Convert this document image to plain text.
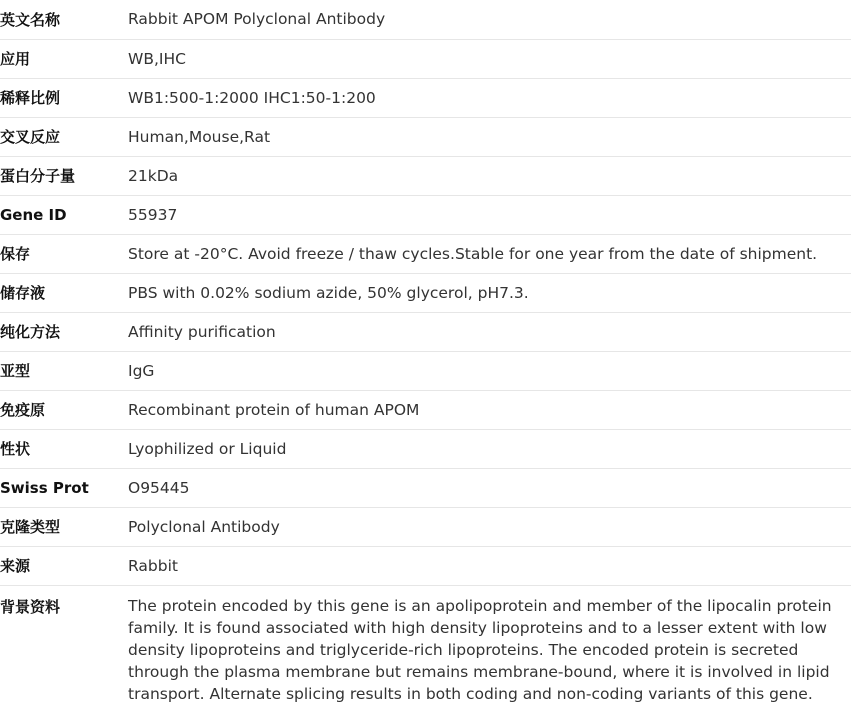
英文名称	Rabbit APOM Polyclonal Antibody
应用	WB,IHC
稀释比例	WB1:500-1:2000 IHC1:50-1:200
交叉反应	Human,Mouse,Rat
蛋白分子量	21kDa
Gene ID	55937
保存	Store at -20°C. Avoid freeze / thaw cycles.Stable for one year from the date of shipment.
储存液	PBS with 0.02% sodium azide, 50% glycerol, pH7.3.
纯化方法	Affinity purification
亚型	IgG
免疫原	Recombinant protein of human APOM
性状	Lyophilized or Liquid
Swiss Prot	O95445
克隆类型	Polyclonal Antibody
来源	Rabbit
背景资料	The protein encoded by this gene is an apolipoprotein and member of the lipocalin protein family. It is found associated with high density lipoproteins and to a lesser extent with low density lipoproteins and triglyceride-rich lipoproteins. The encoded protein is secreted through the plasma membrane but remains membrane-bound, where it is involved in lipid transport. Alternate splicing results in both coding and non-coding variants of this gene.
